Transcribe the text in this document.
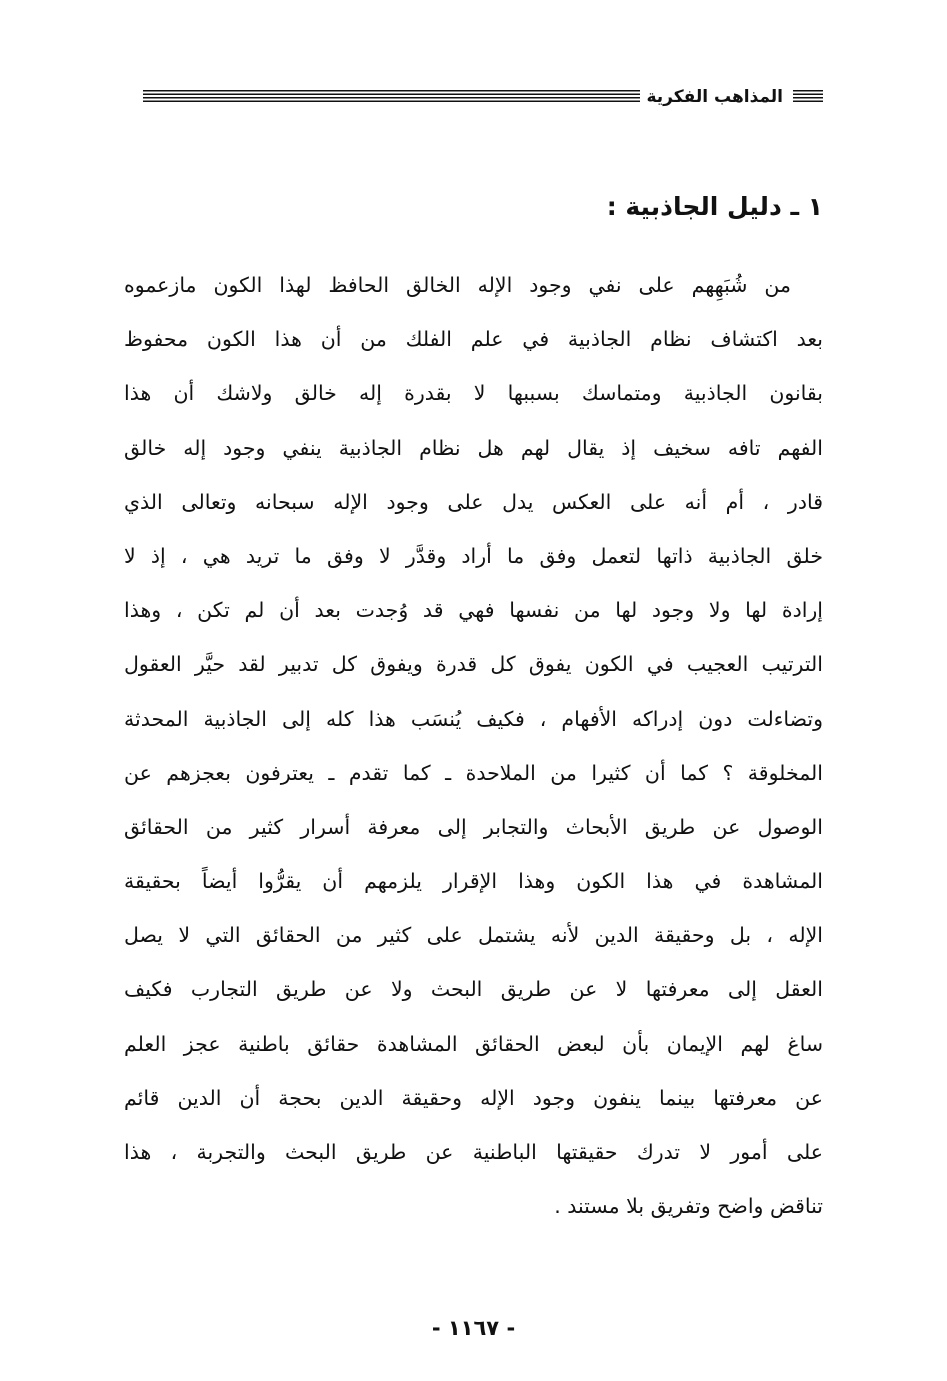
المذاهب الفكرية
١ ـ دليل الجاذبية :
من شُبَهِهم على نفي وجود الإله الخالق الحافظ لهذا الكون مازعموه
بعد اكتشاف نظام الجاذبية في علم الفلك من أن هذا الكون محفوظ
بقانون الجاذبية ومتماسك بسببها لا بقدرة إله خالق ولاشك أن هذا
الفهم تافه سخيف إذ يقال لهم هل نظام الجاذبية ينفي وجود إله خالق
قادر ، أم أنه على العكس يدل على وجود الإله سبحانه وتعالى الذي
خلق الجاذبية ذاتها لتعمل وفق ما أراد وقدَّر لا وفق ما تريد هي ، إذ لا
إرادة لها ولا وجود لها من نفسها فهي قد وُجدت بعد أن لم تكن ، وهذا
الترتيب العجيب في الكون يفوق كل قدرة ويفوق كل تدبير لقد حيَّر العقول
وتضاءلت دون إدراكه الأفهام ، فكيف يُنسَب هذا كله إلى الجاذبية المحدثة
المخلوقة ؟ كما أن كثيرا من الملاحدة ـ كما تقدم ـ يعترفون بعجزهم عن
الوصول عن طريق الأبحاث والتجابر إلى معرفة أسرار كثير من الحقائق
المشاهدة في هذا الكون وهذا الإقرار يلزمهم أن يقرُّوا أيضاً بحقيقة
الإله ، بل وحقيقة الدين لأنه يشتمل على كثير من الحقائق التي لا يصل
العقل إلى معرفتها لا عن طريق البحث ولا عن طريق التجارب فكيف
ساغ لهم الإيمان بأن لبعض الحقائق المشاهدة حقائق باطنية عجز العلم
عن معرفتها بينما ينفون وجود الإله وحقيقة الدين بحجة أن الدين قائم
على أمور لا تدرك حقيقتها الباطنية عن طريق البحث والتجربة ، هذا
تناقض واضح وتفريق بلا مستند .
- ١١٦٧ -
